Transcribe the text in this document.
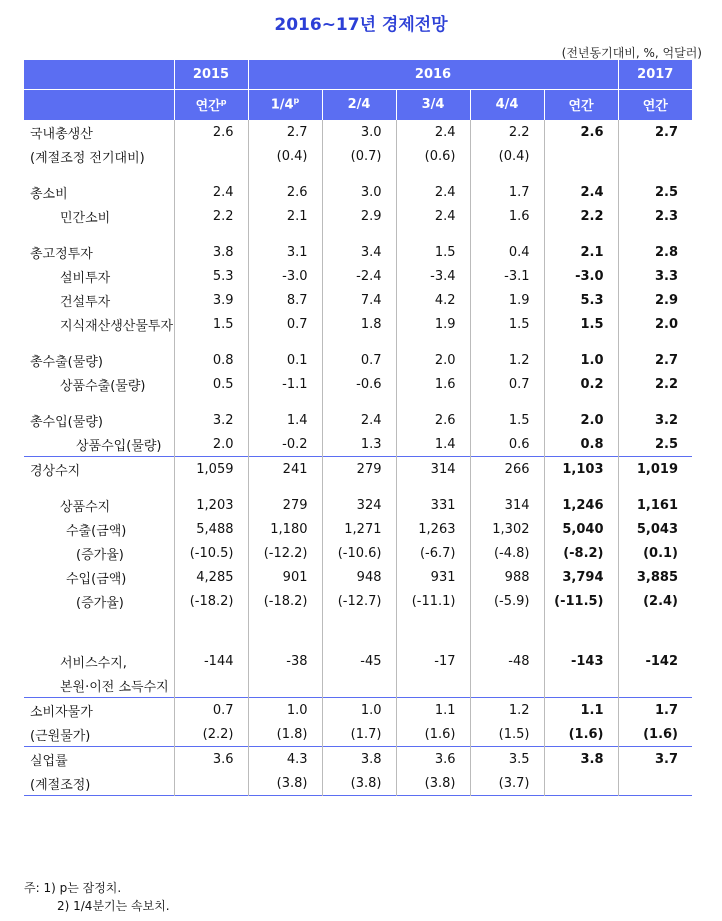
2016~17년 경제전망
(전년동기대비, %, 억달러)
	2015	2016					2017
	연간$^p$	1/4$^p$	2/4	3/4	4/4	연간	연간
국내총생산	2.6	2.7	3.0	2.4	2.2	2.6	2.7
(계절조정 전기대비)		(0.4)	(0.7)	(0.6)	(0.4)		

총소비	2.4	2.6	3.0	2.4	1.7	2.4	2.5
민간소비	2.2	2.1	2.9	2.4	1.6	2.2	2.3

총고정투자	3.8	3.1	3.4	1.5	0.4	2.1	2.8
설비투자	5.3	-3.0	-2.4	-3.4	-3.1	-3.0	3.3
건설투자	3.9	8.7	7.4	4.2	1.9	5.3	2.9
지식재산생산물투자	1.5	0.7	1.8	1.9	1.5	1.5	2.0

총수출(물량)	0.8	0.1	0.7	2.0	1.2	1.0	2.7
상품수출(물량)	0.5	-1.1	-0.6	1.6	0.7	0.2	2.2

총수입(물량)	3.2	1.4	2.4	2.6	1.5	2.0	3.2
상품수입(물량)	2.0	-0.2	1.3	1.4	0.6	0.8	2.5
경상수지	1,059	241	279	314	266	1,103	1,019

상품수지	1,203	279	324	331	314	1,246	1,161
수출(금액)	5,488	1,180	1,271	1,263	1,302	5,040	5,043
(증가율)	(-10.5)	(-12.2)	(-10.6)	(-6.7)	(-4.8)	(-8.2)	(0.1)
수입(금액)	4,285	901	948	931	988	3,794	3,885
(증가율)	(-18.2)	(-18.2)	(-12.7)	(-11.1)	(-5.9)	(-11.5)	(2.4)

서비스수지,	-144	-38	-45	-17	-48	-143	-142
본원·이전 소득수지							
소비자물가	0.7	1.0	1.0	1.1	1.2	1.1	1.7
(근원물가)	(2.2)	(1.8)	(1.7)	(1.6)	(1.5)	(1.6)	(1.6)
실업률	3.6	4.3	3.8	3.6	3.5	3.8	3.7
(계절조정)		(3.8)	(3.8)	(3.8)	(3.7)		
주: 1) p는 잠정치.
2) 1/4분기는 속보치.
